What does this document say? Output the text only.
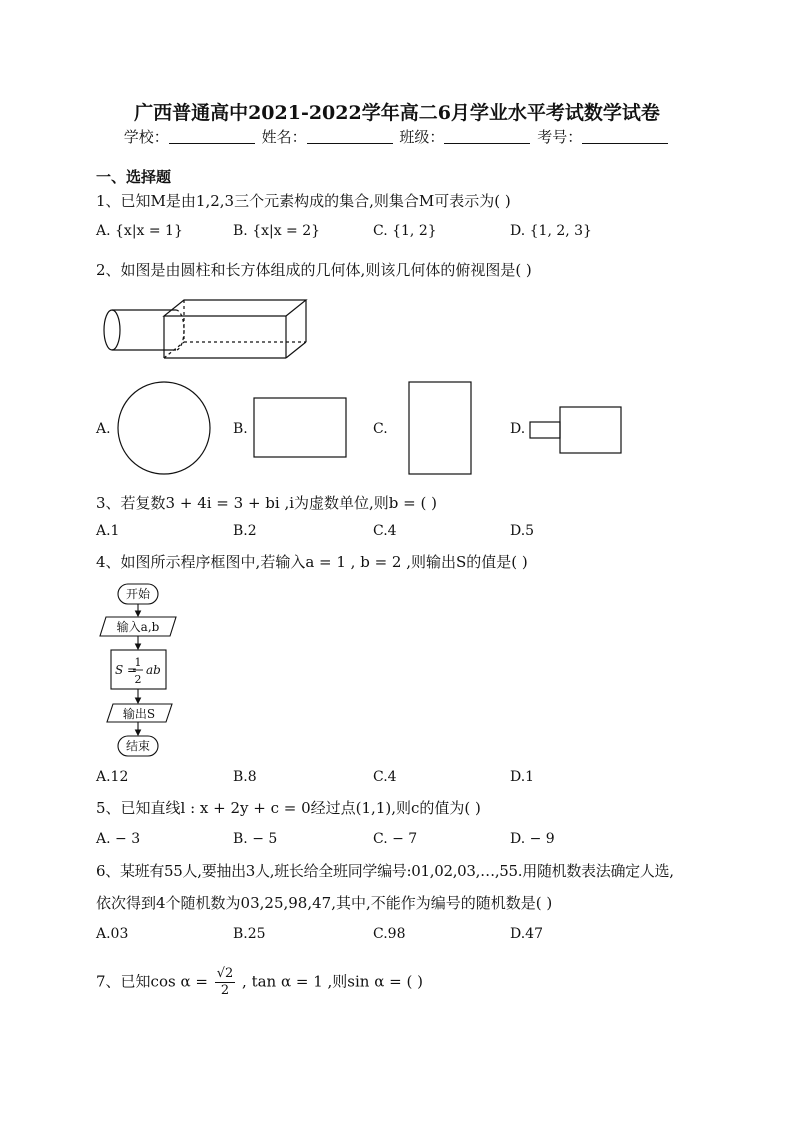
广西普通高中2021-2022学年高二6月学业水平考试数学试卷
学校：	姓名：	班级：	考号：
一、选择题
1、已知M是由1,2,3三个元素构成的集合,则集合M可表示为( )
A. {x|x = 1}	B. {x|x = 2}	C. {1, 2}	D. {1, 2, 3}
2、如图是由圆柱和长方体组成的几何体,则该几何体的俯视图是( )
A.	B.	C.	D.
3、若复数3 + 4i = 3 + bi ,i为虚数单位,则b = ( )
A.1	B.2	C.4	D.5
4、如图所示程序框图中,若输入a = 1 , b = 2 ,则输出S的值是( )
开始
输入a,b
S =
1
2
ab
输出S
结束
A.12	B.8	C.4	D.1
5、已知直线l : x + 2y + c = 0经过点(1,1),则c的值为( )
A. − 3	B. − 5	C. − 7	D. − 9
6、某班有55人,要抽出3人,班长给全班同学编号:01,02,03,…,55.用随机数表法确定人选,
依次得到4个随机数为03,25,98,47,其中,不能作为编号的随机数是( )
A.03	B.25	C.98	D.47
7、已知$\cos \alpha = \frac{√2}{2}$ , tan α = 1 ,则sin α = ( )
